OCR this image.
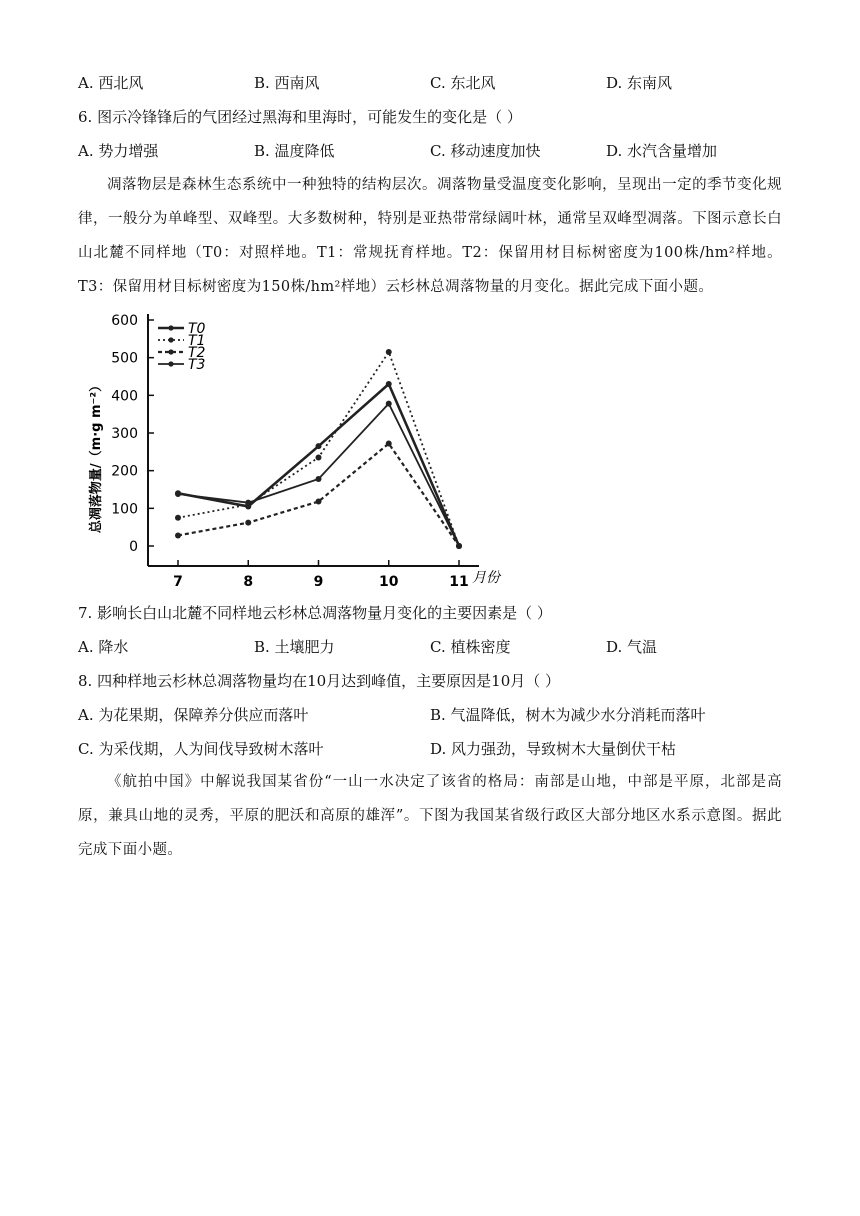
A. 西北风	B. 西南风	C. 东北风	D. 东南风
6. 图示冷锋锋后的气团经过黑海和里海时，可能发生的变化是（ ）
A. 势力增强	B. 温度降低	C. 移动速度加快	D. 水汽含量增加
凋落物层是森林生态系统中一种独特的结构层次。凋落物量受温度变化影响，呈现出一定的季节变化规律，一般分为单峰型、双峰型。大多数树种，特别是亚热带常绿阔叶林，通常呈双峰型凋落。下图示意长白山北麓不同样地（T0：对照样地。T1：常规抚育样地。T2：保留用材目标树密度为100株/hm²样地。T3：保留用材目标树密度为150株/hm²样地）云杉林总凋落物量的月变化。据此完成下面小题。
0
100
200
300
400
500
600
7	8	9	10	11
T0
T1
T2
T3
总凋落物量/（m·g m⁻²）
月份
7. 影响长白山北麓不同样地云杉林总凋落物量月变化的主要因素是（ ）
A. 降水	B. 土壤肥力	C. 植株密度	D. 气温
8. 四种样地云杉林总凋落物量均在10月达到峰值，主要原因是10月（ ）
A. 为花果期，保障养分供应而落叶	B. 气温降低，树木为减少水分消耗而落叶
C. 为采伐期，人为间伐导致树木落叶	D. 风力强劲，导致树木大量倒伏干枯
《航拍中国》中解说我国某省份“一山一水决定了该省的格局：南部是山地，中部是平原，北部是高原，兼具山地的灵秀，平原的肥沃和高原的雄浑”。下图为我国某省级行政区大部分地区水系示意图。据此完成下面小题。
